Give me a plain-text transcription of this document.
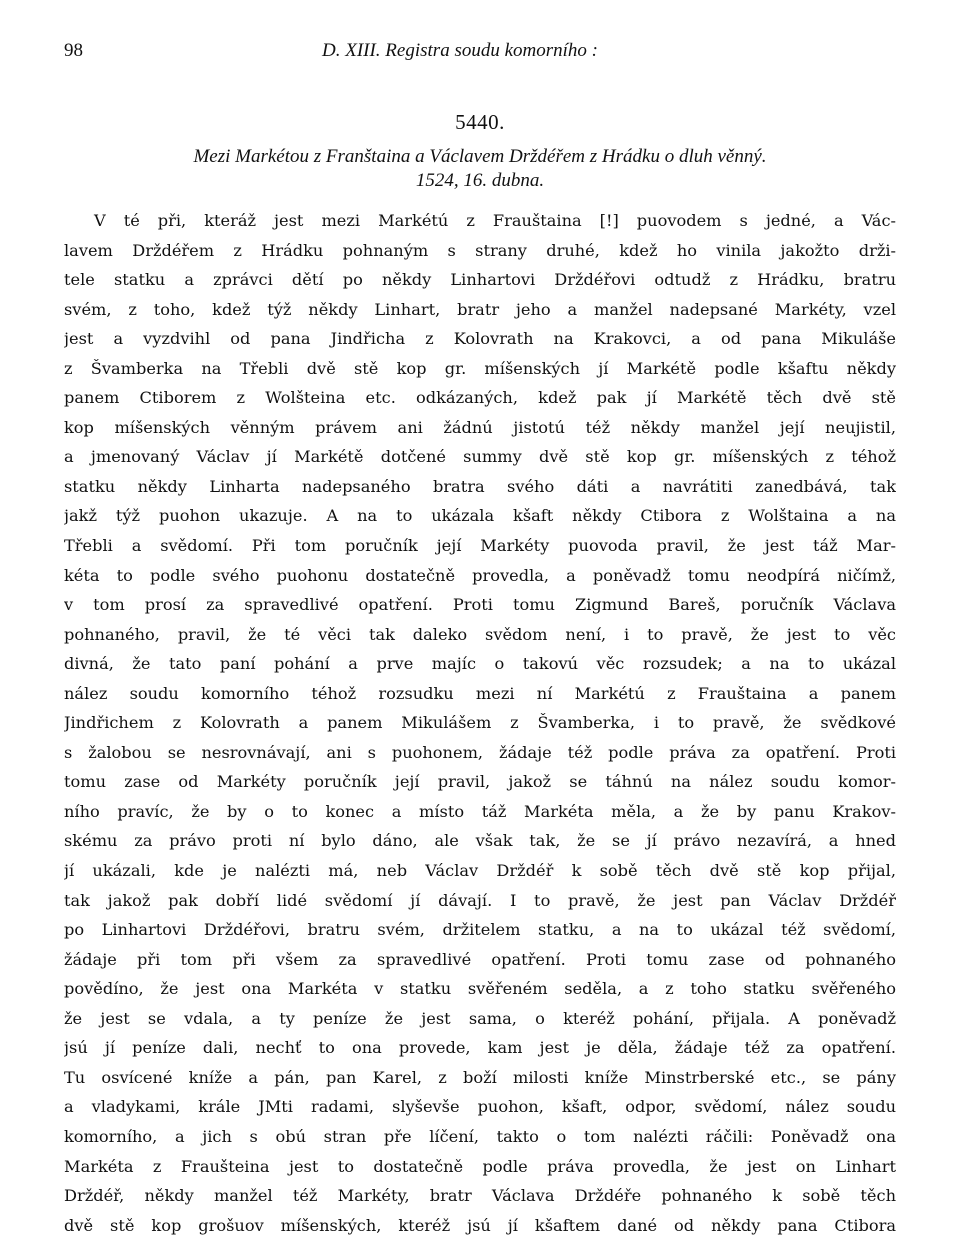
98	D. XIII. Registra soudu komorního :
5440.
Mezi Markétou z Franštaina a Václavem Drždéřem z Hrádku o dluh věnný.
1524, 16. dubna.
V té při, kteráž jest mezi Markétú z Frauštaina [!] puovodem s jedné, a Vác-
lavem Drždéřem z Hrádku pohnaným s strany druhé, kdež ho vinila jakožto drži-
tele statku a zprávci dětí po někdy Linhartovi Drždéřovi odtudž z Hrádku, bratru
svém, z toho, kdež týž někdy Linhart, bratr jeho a manžel nadepsané Markéty, vzel
jest a vyzdvihl od pana Jindřicha z Kolovrath na Krakovci, a od pana Mikuláše
z Švamberka na Třebli dvě stě kop gr. míšenských jí Markétě podle kšaftu někdy
panem Ctiborem z Wolšteina etc. odkázaných, kdež pak jí Markétě těch dvě stě
kop míšenských věnným právem ani žádnú jistotú též někdy manžel její neujistil,
a jmenovaný Václav jí Markétě dotčené summy dvě stě kop gr. míšenských z téhož
statku někdy Linharta nadepsaného bratra svého dáti a navrátiti zanedbává, tak
jakž týž puohon ukazuje. A na to ukázala kšaft někdy Ctibora z Wolštaina a na
Třebli a svědomí. Při tom poručník její Markéty puovoda pravil, že jest táž Mar-
kéta to podle svého puohonu dostatečně provedla, a poněvadž tomu neodpírá ničímž,
v tom prosí za spravedlivé opatření. Proti tomu Zigmund Bareš, poručník Václava
pohnaného, pravil, že té věci tak daleko svědom není, i to pravě, že jest to věc
divná, že tato paní pohání a prve majíc o takovú věc rozsudek; a na to ukázal
nález soudu komorního téhož rozsudku mezi ní Markétú z Frauštaina a panem
Jindřichem z Kolovrath a panem Mikulášem z Švamberka, i to pravě, že svědkové
s žalobou se nesrovnávají, ani s puohonem, žádaje též podle práva za opatření. Proti
tomu zase od Markéty poručník její pravil, jakož se táhnú na nález soudu komor-
ního pravíc, že by o to konec a místo táž Markéta měla, a že by panu Krakov-
skému za právo proti ní bylo dáno, ale však tak, že se jí právo nezavírá, a hned
jí ukázali, kde je nalézti má, neb Václav Drždéř k sobě těch dvě stě kop přijal,
tak jakož pak dobří lidé svědomí jí dávají. I to pravě, že jest pan Václav Drždéř
po Linhartovi Drždéřovi, bratru svém, držitelem statku, a na to ukázal též svědomí,
žádaje při tom při všem za spravedlivé opatření. Proti tomu zase od pohnaného
povědíno, že jest ona Markéta v statku svěřeném seděla, a z toho statku svěřeného
že jest se vdala, a ty peníze že jest sama, o kteréž pohání, přijala. A poněvadž
jsú jí peníze dali, nechť to ona provede, kam jest je děla, žádaje též za opatření.
Tu osvícené kníže a pán, pan Karel, z boží milosti kníže Minstrberské etc., se pány
a vladykami, krále JMti radami, slyševše puohon, kšaft, odpor, svědomí, nález soudu
komorního, a jich s obú stran pře líčení, takto o tom nalézti ráčili: Poněvadž ona
Markéta z Fraušteina jest to dostatečně podle práva provedla, že jest on Linhart
Drždéř, někdy manžel též Markéty, bratr Václava Drždéře pohnaného k sobě těch
dvě stě kop grošuov míšenských, kteréž jsú jí kšaftem dané od někdy pana Ctibora
